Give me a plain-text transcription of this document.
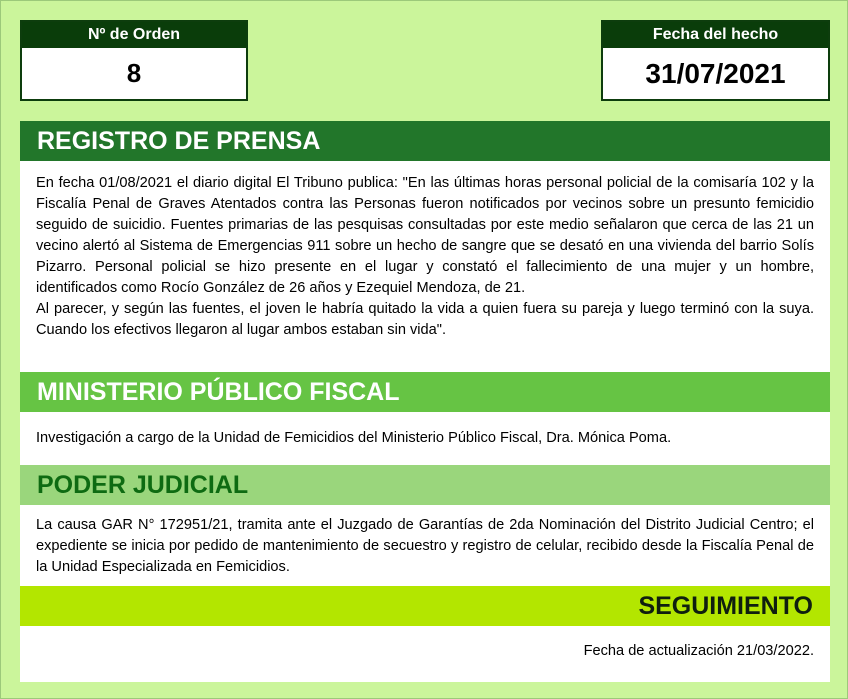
Nº de Orden
8
Fecha del hecho
31/07/2021
REGISTRO DE PRENSA

En fecha 01/08/2021 el diario digital El Tribuno publica: "En las últimas horas personal policial de la comisaría 102 y la Fiscalía Penal de Graves Atentados contra las Personas fueron notificados por vecinos sobre un presunto femicidio seguido de suicidio. Fuentes primarias de las pesquisas consultadas por este medio señalaron que cerca de las 21 un vecino alertó al Sistema de Emergencias 911 sobre un hecho de sangre que se desató en una vivienda del barrio Solís Pizarro. Personal policial se hizo presente en el lugar y constató el fallecimiento de una mujer y un hombre, identificados como Rocío González de 26 años y Ezequiel Mendoza, de 21.

Al parecer, y según las fuentes, el joven le habría quitado la vida a quien fuera su pareja y luego terminó con la suya. Cuando los efectivos llegaron al lugar ambos estaban sin vida".

MINISTERIO PÚBLICO FISCAL
Investigación a cargo de la Unidad de Femicidios del Ministerio Público Fiscal, Dra. Mónica Poma.
PODER JUDICIAL

La causa GAR N° 172951/21, tramita ante el Juzgado de Garantías de 2da Nominación del Distrito Judicial Centro; el expediente se inicia por pedido de mantenimiento de secuestro y registro de celular, recibido desde la Fiscalía Penal de la Unidad Especializada en Femicidios.

SEGUIMIENTO
Fecha de actualización 21/03/2022.
